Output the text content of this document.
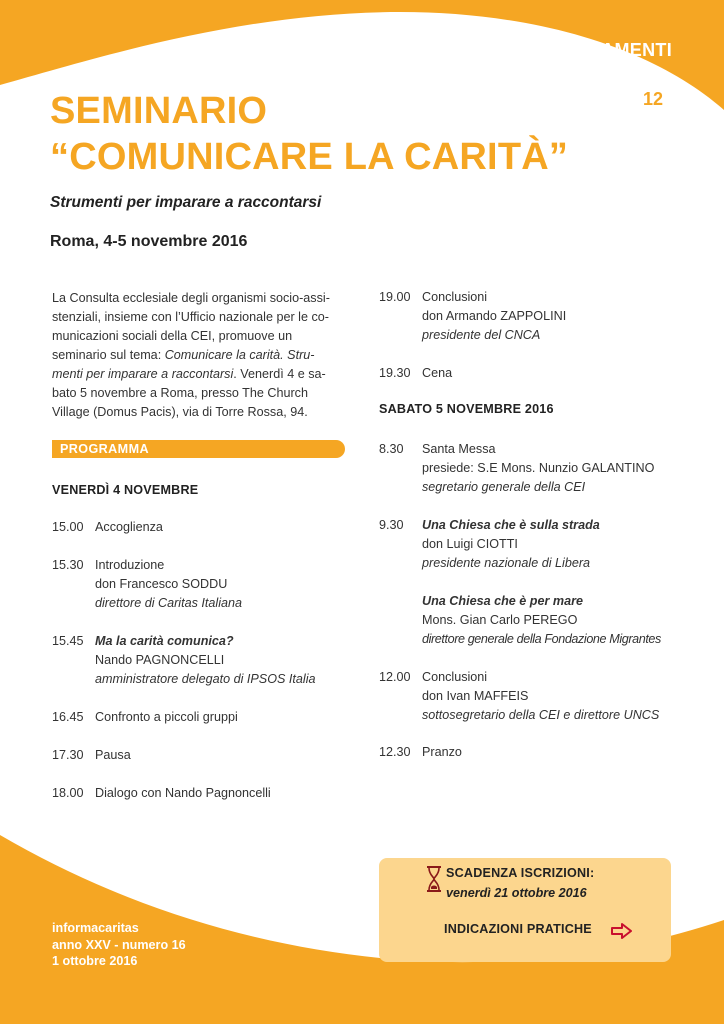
APPUNTAMENTI
12
SEMINARIO
“COMUNICARE LA CARITÀ”
Strumenti per imparare a raccontarsi
Roma, 4-5 novembre 2016
La Consulta ecclesiale degli organismi socio-assi-
stenziali, insieme con l’Ufficio nazionale per le co-
municazioni sociali della CEI, promuove un
seminario sul tema: Comunicare la carità. Stru-
menti per imparare a raccontarsi. Venerdì 4 e sa-
bato 5 novembre a Roma, presso The Church
Village (Domus Pacis), via di Torre Rossa, 94.
PROGRAMMA
VENERDÌ 4 NOVEMBRE
15.00 Accoglienza
15.30 Introduzione
don Francesco SODDU
direttore di Caritas Italiana
15.45 Ma la carità comunica?
Nando PAGNONCELLI
amministratore delegato di IPSOS Italia
16.45 Confronto a piccoli gruppi
17.30 Pausa
18.00 Dialogo con Nando Pagnoncelli
19.00 Conclusioni
don Armando ZAPPOLINI
presidente del CNCA
19.30 Cena
SABATO 5 NOVEMBRE 2016
8.30 Santa Messa
presiede: S.E Mons. Nunzio GALANTINO
segretario generale della CEI
9.30 Una Chiesa che è sulla strada
don Luigi CIOTTI
presidente nazionale di Libera
Una Chiesa che è per mare
Mons. Gian Carlo PEREGO
direttore generale della Fondazione Migrantes
12.00 Conclusioni
don Ivan MAFFEIS
sottosegretario della CEI e direttore UNCS
12.30 Pranzo
SCADENZA ISCRIZIONI:
venerdì 21 ottobre 2016
INDICAZIONI PRATICHE
informacaritas
anno XXV - numero 16
1 ottobre 2016
